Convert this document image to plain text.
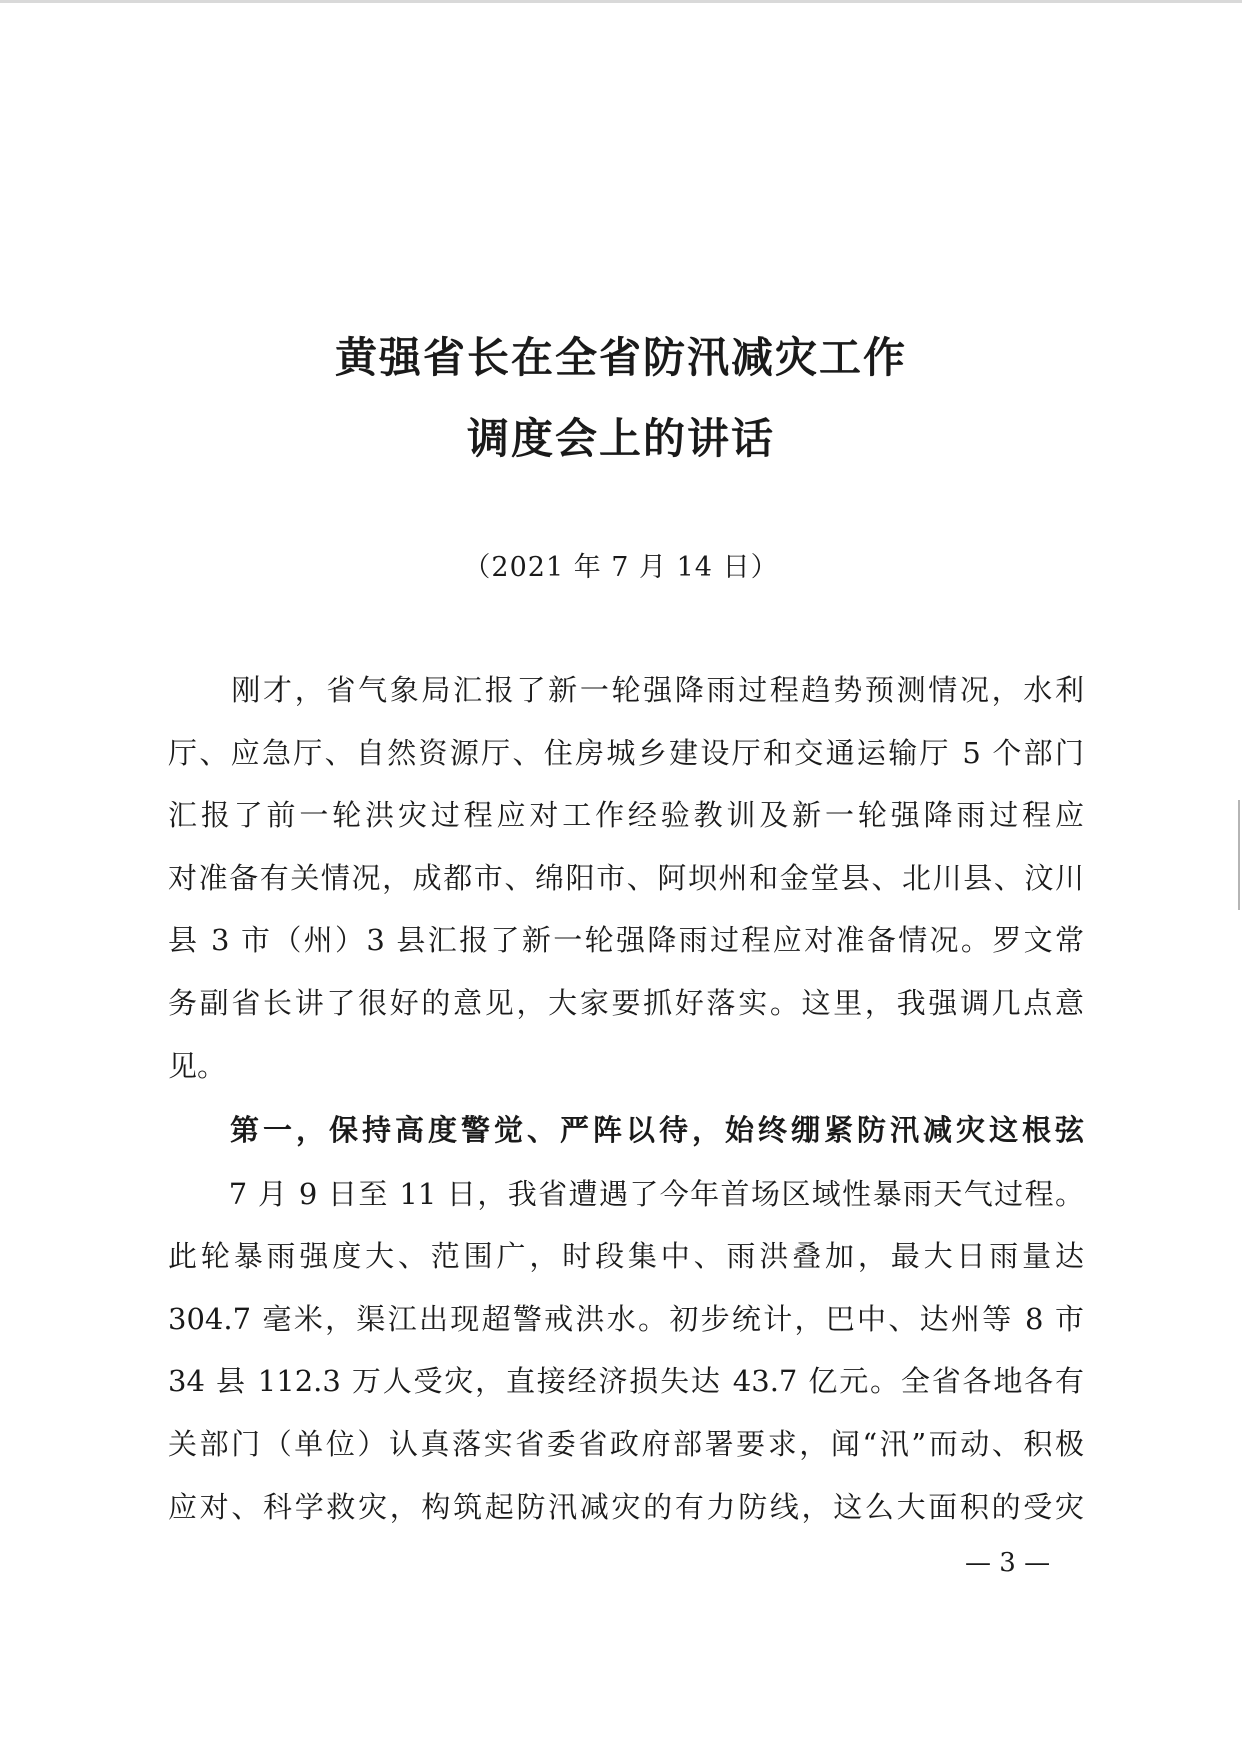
黄强省长在全省防汛减灾工作
调度会上的讲话
（2021 年 7 月 14 日）
　　刚才，省气象局汇报了新一轮强降雨过程趋势预测情况，水利
厅、应急厅、自然资源厅、住房城乡建设厅和交通运输厅 5 个部门
汇报了前一轮洪灾过程应对工作经验教训及新一轮强降雨过程应
对准备有关情况，成都市、绵阳市、阿坝州和金堂县、北川县、汶川
县 3 市（州）3 县汇报了新一轮强降雨过程应对准备情况。罗文常
务副省长讲了很好的意见，大家要抓好落实。这里，我强调几点意
见。
第一，保持高度警觉、严阵以待，始终绷紧防汛减灾这根弦
　　7 月 9 日至 11 日，我省遭遇了今年首场区域性暴雨天气过程。
此轮暴雨强度大、范围广，时段集中、雨洪叠加，最大日雨量达
304.7 毫米，渠江出现超警戒洪水。初步统计，巴中、达州等 8 市
34 县 112.3 万人受灾，直接经济损失达 43.7 亿元。全省各地各有
关部门（单位）认真落实省委省政府部署要求，闻“汛”而动、积极
应对、科学救灾，构筑起防汛减灾的有力防线，这么大面积的受灾
— 3 —
